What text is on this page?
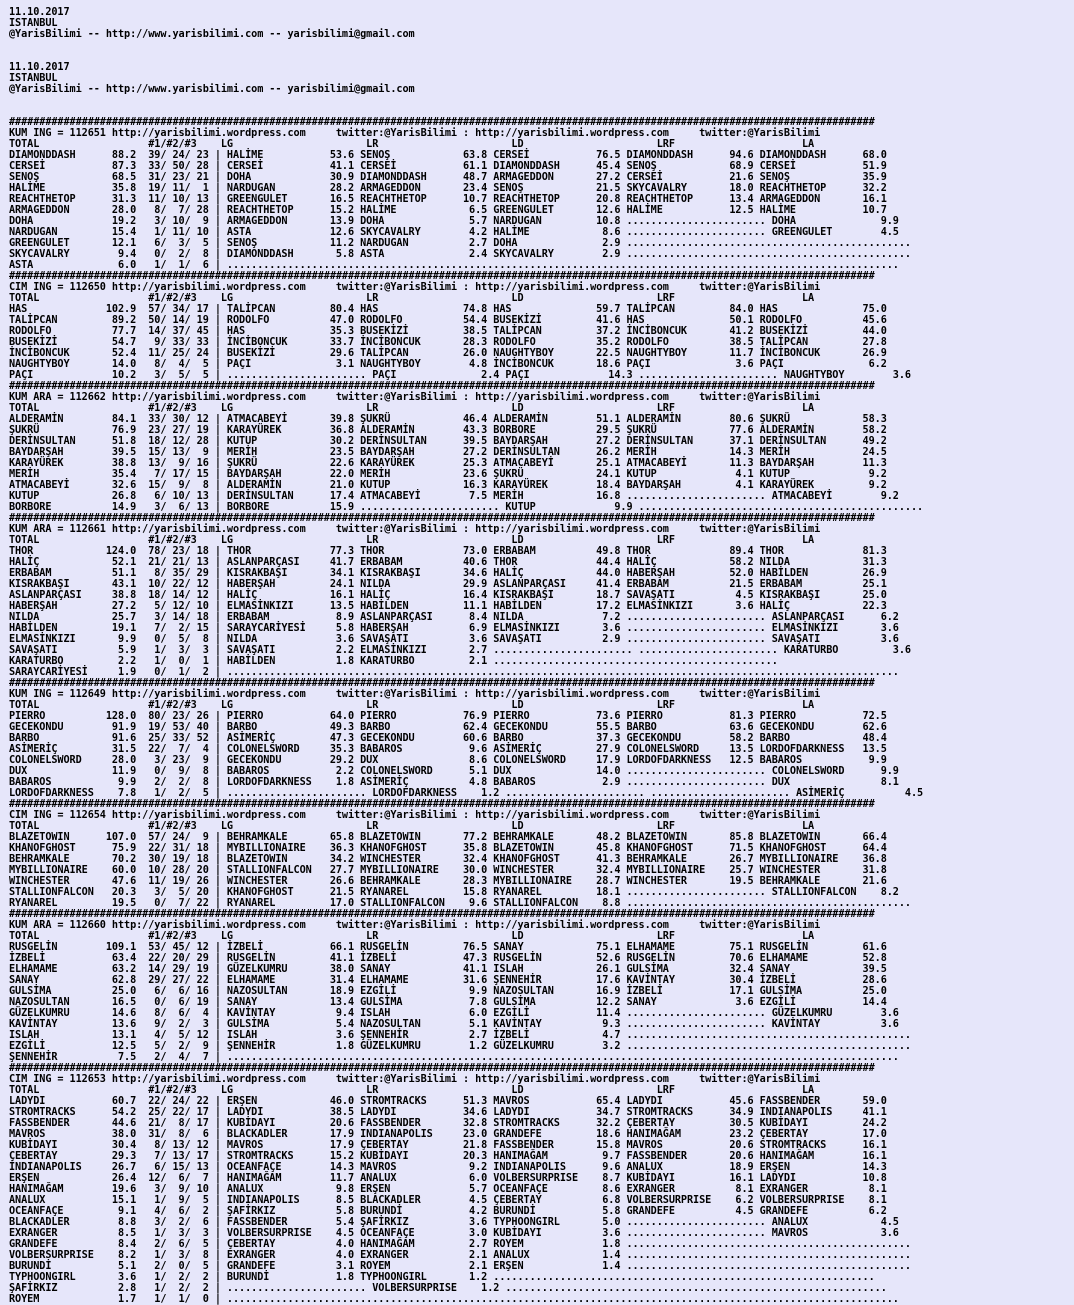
11.10.2017
ISTANBUL
@YarisBilimi -- http://www.yarisbilimi.com -- yarisbilimi@gmail.com
11.10.2017
ISTANBUL
@YarisBilimi -- http://www.yarisbilimi.com -- yarisbilimi@gmail.com
###############################################################################################################################################
KUM ING = 112651 http://yarisbilimi.wordpress.com     twitter:@YarisBilimi : http://yarisbilimi.wordpress.com     twitter:@YarisBilimi
TOTAL                  #1/#2/#3    LG                      LR                      LD                      LRF                     LA
DIAMONDDASH      88.2  39/ 24/ 23 | HALİME           53.6 SENOŞ            63.8 CERSEİ           76.5 DIAMONDDASH      94.6 DIAMONDDASH      68.0
CERSEİ           87.3  33/ 50/ 28 | CERSEİ           41.1 CERSEİ           61.1 DIAMONDDASH      45.4 SENOŞ            68.9 CERSEİ           51.9
SENOŞ            68.5  31/ 23/ 21 | DOHA             30.9 DIAMONDDASH      48.7 ARMAGEDDON       27.2 CERSEİ           21.6 SENOŞ            35.9
HALİME           35.8  19/ 11/  1 | NARDUGAN         28.2 ARMAGEDDON       23.4 SENOŞ            21.5 SKYCAVALRY       18.0 REACHTHETOP      32.2
REACHTHETOP      31.3  11/ 10/ 13 | GREENGULET       16.5 REACHTHETOP      10.7 REACHTHETOP      20.8 REACHTHETOP      13.4 ARMAGEDDON       16.1
ARMAGEDDON       28.0   8/  7/ 28 | REACHTHETOP      15.2 HALİME            6.5 GREENGULET       12.6 HALİME           12.5 HALİME           10.7
DOHA             19.2   3/ 10/  9 | ARMAGEDDON       13.9 DOHA              5.7 NARDUGAN         10.8 ....................... DOHA              9.9
NARDUGAN         15.4   1/ 11/ 10 | ASTA             12.6 SKYCAVALRY        4.2 HALİME            8.6 ....................... GREENGULET        4.5
GREENGULET       12.1   6/  3/  5 | SENOŞ            11.2 NARDUGAN          2.7 DOHA              2.9 ...............................................
SKYCAVALRY        9.4   0/  2/  8 | DIAMONDDASH       5.8 ASTA              2.4 SKYCAVALRY        2.9 ...............................................
ASTA              6.0   1/  1/  6 | ...............................................................................................................
###############################################################################################################################################
CIM ING = 112650 http://yarisbilimi.wordpress.com     twitter:@YarisBilimi : http://yarisbilimi.wordpress.com     twitter:@YarisBilimi
TOTAL                  #1/#2/#3    LG                      LR                      LD                      LRF                     LA
HAS             102.9  57/ 34/ 17 | TALİPCAN         80.4 HAS              74.8 HAS              59.7 TALİPCAN         84.0 HAS              75.0
TALİPCAN         89.2  50/ 14/ 19 | RODOLFO          47.0 RODOLFO          54.4 BUSEKİZİ         41.6 HAS              50.1 RODOLFO          45.6
RODOLFO          77.7  14/ 37/ 45 | HAS              35.3 BUSEKİZİ         38.5 TALİPCAN         37.2 İNCİBONCUK       41.2 BUSEKİZİ         44.0
BUSEKİZİ         54.7   9/ 33/ 33 | İNCİBONCUK       33.7 İNCİBONCUK       28.3 RODOLFO          35.2 RODOLFO          38.5 TALİPCAN         27.8
İNCİBONCUK       52.4  11/ 25/ 24 | BUSEKİZİ         29.6 TALİPCAN         26.0 NAUGHTYBOY       22.5 NAUGHTYBOY       11.7 İNCİBONCUK       26.9
NAUGHTYBOY       14.0   8/  4/  5 | PAÇI              3.1 NAUGHTYBOY        4.8 İNCİBONCUK       18.6 PAÇI              3.6 PAÇI              6.2
PAÇI             10.2   3/  5/  5 | ....................... PAÇI              2.4 PAÇI             14.3 ....................... NAUGHTYBOY        3.6
###############################################################################################################################################
KUM ARA = 112662 http://yarisbilimi.wordpress.com     twitter:@YarisBilimi : http://yarisbilimi.wordpress.com     twitter:@YarisBilimi
TOTAL                  #1/#2/#3    LG                      LR                      LD                      LRF                     LA
ALDERAMİN        84.1  33/ 30/ 12 | ATMACABEYİ       39.8 ŞUKRÜ            46.4 ALDERAMİN        51.1 ALDERAMİN        80.6 ŞUKRÜ            58.3
ŞUKRÜ            76.9  23/ 27/ 19 | KARAYÜREK        36.8 ALDERAMİN        43.3 BORBORE          29.5 ŞUKRÜ            77.6 ALDERAMİN        58.2
DERİNSULTAN      51.8  18/ 12/ 28 | KUTUP            30.2 DERİNSULTAN      39.5 BAYDARŞAH        27.2 DERİNSULTAN      37.1 DERİNSULTAN      49.2
BAYDARŞAH        39.5  15/ 13/  9 | MERİH            23.5 BAYDARŞAH        27.2 DERİNSULTAN      26.2 MERİH            14.3 MERİH            24.5
KARAYÜREK        38.8  13/  9/ 16 | ŞUKRÜ            22.6 KARAYÜREK        25.3 ATMACABEYİ       25.1 ATMACABEYİ       11.3 BAYDARŞAH        11.3
MERİH            35.4   7/ 17/ 15 | BAYDARŞAH        22.0 MERİH            23.6 ŞUKRÜ            24.1 KUTUP             4.1 KUTUP             9.2
ATMACABEYİ       32.6  15/  9/  8 | ALDERAMİN        21.0 KUTUP            16.3 KARAYÜREK        18.4 BAYDARŞAH         4.1 KARAYÜREK         9.2
KUTUP            26.8   6/ 10/ 13 | DERİNSULTAN      17.4 ATMACABEYİ        7.5 MERİH            16.8 ....................... ATMACABEYİ        9.2
BORBORE          14.9   3/  6/ 13 | BORBORE          15.9 ....................... KUTUP             9.9 ...............................................
###############################################################################################################################################
KUM ARA = 112661 http://yarisbilimi.wordpress.com     twitter:@YarisBilimi : http://yarisbilimi.wordpress.com     twitter:@YarisBilimi
TOTAL                  #1/#2/#3    LG                      LR                      LD                      LRF                     LA
THOR            124.0  78/ 23/ 18 | THOR             77.3 THOR             73.0 ERBABAM          49.8 THOR             89.4 THOR             81.3
HALİÇ            52.1  21/ 21/ 13 | ASLANPARÇASI     41.7 ERBABAM          40.6 THOR             44.4 HALİÇ            58.2 NILDA            31.3
ERBABAM          51.1   8/ 35/ 29 | KISRAKBAŞI       34.1 KISRAKBAŞI       34.6 HALİÇ            44.0 HABERŞAH         52.0 HABİLDEN         26.9
KISRAKBAŞI       43.1  10/ 22/ 12 | HABERŞAH         24.1 NILDA            29.9 ASLANPARÇASI     41.4 ERBABAM          21.5 ERBABAM          25.1
ASLANPARÇASI     38.8  18/ 14/ 12 | HALİÇ            16.1 HALİÇ            16.4 KISRAKBAŞI       18.7 SAVAŞATI          4.5 KISRAKBAŞI       25.0
HABERŞAH         27.2   5/ 12/ 10 | ELMASİNKIZI      13.5 HABİLDEN         11.1 HABİLDEN         17.2 ELMASİNKIZI       3.6 HALİÇ            22.3
NILDA            25.7   3/ 14/ 18 | ERBABAM           8.9 ASLANPARÇASI      8.4 NILDA             7.2 ....................... ASLANPARÇASI      6.2
HABİLDEN         19.1   7/  2/ 15 | SARAYCARİYESİ     5.8 HABERŞAH          6.9 ELMASİNKIZI       3.6 ....................... ELMASİNKIZI       3.6
ELMASİNKIZI       9.9   0/  5/  8 | NILDA             3.6 SAVAŞATI          3.6 SAVAŞATI          2.9 ....................... SAVAŞATI          3.6
SAVAŞATI          5.9   1/  3/  3 | SAVAŞATI          2.2 ELMASİNKIZI       2.7 ....................... ....................... KARATURBO         3.6
KARATURBO         2.2   1/  0/  1 | HABİLDEN          1.8 KARATURBO         2.1 ...............................................
SARAYCARİYESİ     1.9   0/  1/  2 | ...............................................................................................................
###############################################################################################################################################
KUM ING = 112649 http://yarisbilimi.wordpress.com     twitter:@YarisBilimi : http://yarisbilimi.wordpress.com     twitter:@YarisBilimi
TOTAL                  #1/#2/#3    LG                      LR                      LD                      LRF                     LA
PIERRO          128.0  80/ 23/ 26 | PIERRO           64.0 PIERRO           76.9 PIERRO           73.6 PIERRO           81.3 PIERRO           72.5
GECEKONDU        91.9  19/ 53/ 40 | BARBO            49.3 BARBO            62.4 GECEKONDU        55.5 BARBO            63.6 GECEKONDU        62.6
BARBO            91.6  25/ 33/ 52 | ASİMERİÇ         47.3 GECEKONDU        60.6 BARBO            37.3 GECEKONDU        58.2 BARBO            48.4
ASİMERİÇ         31.5  22/  7/  4 | COLONELSWORD     35.3 BABAROS           9.6 ASİMERİÇ         27.9 COLONELSWORD     13.5 LORDOFDARKNESS   13.5
COLONELSWORD     28.0   3/ 23/  9 | GECEKONDU        29.2 DUX               8.6 COLONELSWORD     17.9 LORDOFDARKNESS   12.5 BABAROS           9.9
DUX              11.9   0/  9/  8 | BABAROS           2.2 COLONELSWORD      5.1 DUX              14.0 ....................... COLONELSWORD      9.9
BABAROS           9.9   2/  2/  8 | LORDOFDARKNESS    1.8 ASİMERİÇ          4.8 BABAROS           2.9 ....................... DUX               8.1
LORDOFDARKNESS    7.8   1/  2/  5 | ....................... LORDOFDARKNESS    1.2 ....................... ....................... ASİMERİÇ          4.5
###############################################################################################################################################
CIM ING = 112654 http://yarisbilimi.wordpress.com     twitter:@YarisBilimi : http://yarisbilimi.wordpress.com     twitter:@YarisBilimi
TOTAL                  #1/#2/#3    LG                      LR                      LD                      LRF                     LA
BLAZETOWIN      107.0  57/ 24/  9 | BEHRAMKALE       65.8 BLAZETOWIN       77.2 BEHRAMKALE       48.2 BLAZETOWIN       85.8 BLAZETOWIN       66.4
KHANOFGHOST      75.9  22/ 31/ 18 | MYBILLIONAIRE    36.3 KHANOFGHOST      35.8 BLAZETOWIN       45.8 KHANOFGHOST      71.5 KHANOFGHOST      64.4
BEHRAMKALE       70.2  30/ 19/ 18 | BLAZETOWIN       34.2 WINCHESTER       32.4 KHANOFGHOST      41.3 BEHRAMKALE       26.7 MYBILLIONAIRE    36.8
MYBILLIONAIRE    60.0  10/ 28/ 20 | STALLIONFALCON   27.7 MYBILLIONAIRE    30.0 WINCHESTER       32.4 MYBILLIONAIRE    25.7 WINCHESTER       31.8
WINCHESTER       47.6  11/ 19/ 26 | WINCHESTER       26.6 BEHRAMKALE       28.3 MYBILLIONAIRE    28.7 WINCHESTER       19.5 BEHRAMKALE       21.6
STALLIONFALCON   20.3   3/  5/ 20 | KHANOFGHOST      21.5 RYANAREL         15.8 RYANAREL         18.1 ....................... STALLIONFALCON    8.2
RYANAREL         19.5   0/  7/ 22 | RYANAREL         17.0 STALLIONFALCON    9.6 STALLIONFALCON    8.8 ...............................................
###############################################################################################################################################
KUM ARA = 112660 http://yarisbilimi.wordpress.com     twitter:@YarisBilimi : http://yarisbilimi.wordpress.com     twitter:@YarisBilimi
TOTAL                  #1/#2/#3    LG                      LR                      LD                      LRF                     LA
RUSGELİN        109.1  53/ 45/ 12 | İZBELİ           66.1 RUSGELİN         76.5 SANAY            75.1 ELHAMAME         75.1 RUSGELİN         61.6
İZBELİ           63.4  22/ 20/ 29 | RUSGELİN         41.1 İZBELİ           47.3 RUSGELİN         52.6 RUSGELİN         70.6 ELHAMAME         52.8
ELHAMAME         63.2  14/ 29/ 19 | GÜZELKUMRU       38.0 SANAY            41.1 ISLAH            26.1 GULSİMA          32.4 SANAY            39.5
SANAY            62.8  29/ 27/ 22 | ELHAMAME         31.4 ELHAMAME         31.6 ŞENNEHİR         17.6 KAVİNTAY         30.4 İZBELİ           28.6
GULSİMA          25.0   6/  6/ 16 | NAZOSULTAN       18.9 EZGİLİ            9.9 NAZOSULTAN       16.9 İZBELİ           17.1 GULSİMA          25.0
NAZOSULTAN       16.5   0/  6/ 19 | SANAY            13.4 GULSİMA           7.8 GULSİMA          12.2 SANAY             3.6 EZGİLİ           14.4
GÜZELKUMRU       14.6   8/  6/  4 | KAVİNTAY          9.4 ISLAH             6.0 EZGİLİ           11.4 ....................... GÜZELKUMRU        3.6
KAVİNTAY         13.6   9/  2/  3 | GULSİMA           5.4 NAZOSULTAN        5.1 KAVİNTAY          9.3 ....................... KAVİNTAY          3.6
ISLAH            13.1   4/  5/ 12 | ISLAH             3.6 ŞENNEHİR          2.7 İZBELİ            4.7 ...............................................
EZGİLİ           12.5   5/  2/  9 | ŞENNEHİR          1.8 GÜZELKUMRU        1.2 GÜZELKUMRU        3.2 ...............................................
ŞENNEHİR          7.5   2/  4/  7 | ...............................................................................................................
###############################################################################################################################################
CIM ING = 112653 http://yarisbilimi.wordpress.com     twitter:@YarisBilimi : http://yarisbilimi.wordpress.com     twitter:@YarisBilimi
TOTAL                  #1/#2/#3    LG                      LR                      LD                      LRF                     LA
LADYDI           60.7  22/ 24/ 22 | ERŞEN            46.0 STROMTRACKS      51.3 MAVROS           65.4 LADYDI           45.6 FASSBENDER       59.0
STROMTRACKS      54.2  25/ 22/ 17 | LADYDI           38.5 LADYDI           34.6 LADYDI           34.7 STROMTRACKS      34.9 INDIANAPOLIS     41.1
FASSBENDER       44.6  21/  8/ 17 | KUBİDAYI         20.6 FASSBENDER       32.8 STROMTRACKS      32.2 ÇEBERTAY         30.5 KUBİDAYI         24.2
MAVROS           38.0  31/  8/  6 | BLACKADLER       17.9 INDIANAPOLIS     23.0 GRANDEFE         18.6 HANIMAĞAM        23.2 ÇEBERTAY         17.0
KUBİDAYI         30.4   8/ 13/ 12 | MAVROS           17.9 ÇEBERTAY         21.8 FASSBENDER       15.8 MAVROS           20.6 STROMTRACKS      16.1
ÇEBERTAY         29.3   7/ 13/ 17 | STROMTRACKS      15.2 KUBİDAYI         20.3 HANIMAĞAM         9.7 FASSBENDER       20.6 HANIMAĞAM        16.1
İNDIANAPOLIS     26.7   6/ 15/ 13 | OCEANFAÇE        14.3 MAVROS            9.2 INDIANAPOLIS      9.6 ANALUX           18.9 ERŞEN            14.3
ERŞEN            26.4  12/  6/  7 | HANIMAĞAM        11.7 ANALUX            6.0 VOLBERSURPRISE    8.7 KUBİDAYI         16.1 LADYDI           10.8
HANIMAĞAM        19.6   3/  9/ 10 | ANALUX            9.8 ERŞEN             5.7 OCEANFAÇE         8.6 EXRANGER          8.1 EXRANGER          8.1
ANALUX           15.1   1/  9/  5 | INDIANAPOLIS      8.5 BLACKADLER        4.5 ÇEBERTAY          6.8 VOLBERSURPRISE    6.2 VOLBERSURPRISE    8.1
OCEANFAÇE         9.1   4/  6/  2 | ŞAFİRKIZ          5.8 BURUNDİ           4.2 BURUNDİ           5.8 GRANDEFE          4.5 GRANDEFE          6.2
BLACKADLER        8.8   3/  2/  6 | FASSBENDER        5.4 ŞAFİRKIZ          3.6 TYPHOONGIRL       5.0 ....................... ANALUX            4.5
EXRANGER          8.5   1/  3/  3 | VOLBERSURPRISE    4.5 OCEANFAÇE         3.0 KUBİDAYI          3.6 ....................... MAVROS            3.6
GRANDEFE          8.4   2/  6/  5 | ÇEBERTAY          4.0 HANIMAĞAM         2.7 ROYEM             1.8 ...............................................
VOLBERSURPRISE    8.2   1/  3/  8 | EXRANGER          4.0 EXRANGER          2.1 ANALUX            1.4 ...............................................
BURUNDİ           5.1   2/  0/  5 | GRANDEFE          3.1 ROYEM             2.1 ERŞEN             1.4 ...............................................
TYPHOONGIRL       3.6   1/  2/  2 | BURUNDİ           1.8 TYPHOONGIRL       1.2 ...............................................................
ŞAFİRKIZ          2.8   1/  2/  2 | ....................... VOLBERSURPRISE    1.2 ...............................................................
ROYEM             1.7   1/  1/  0 | ...............................................................................................................
